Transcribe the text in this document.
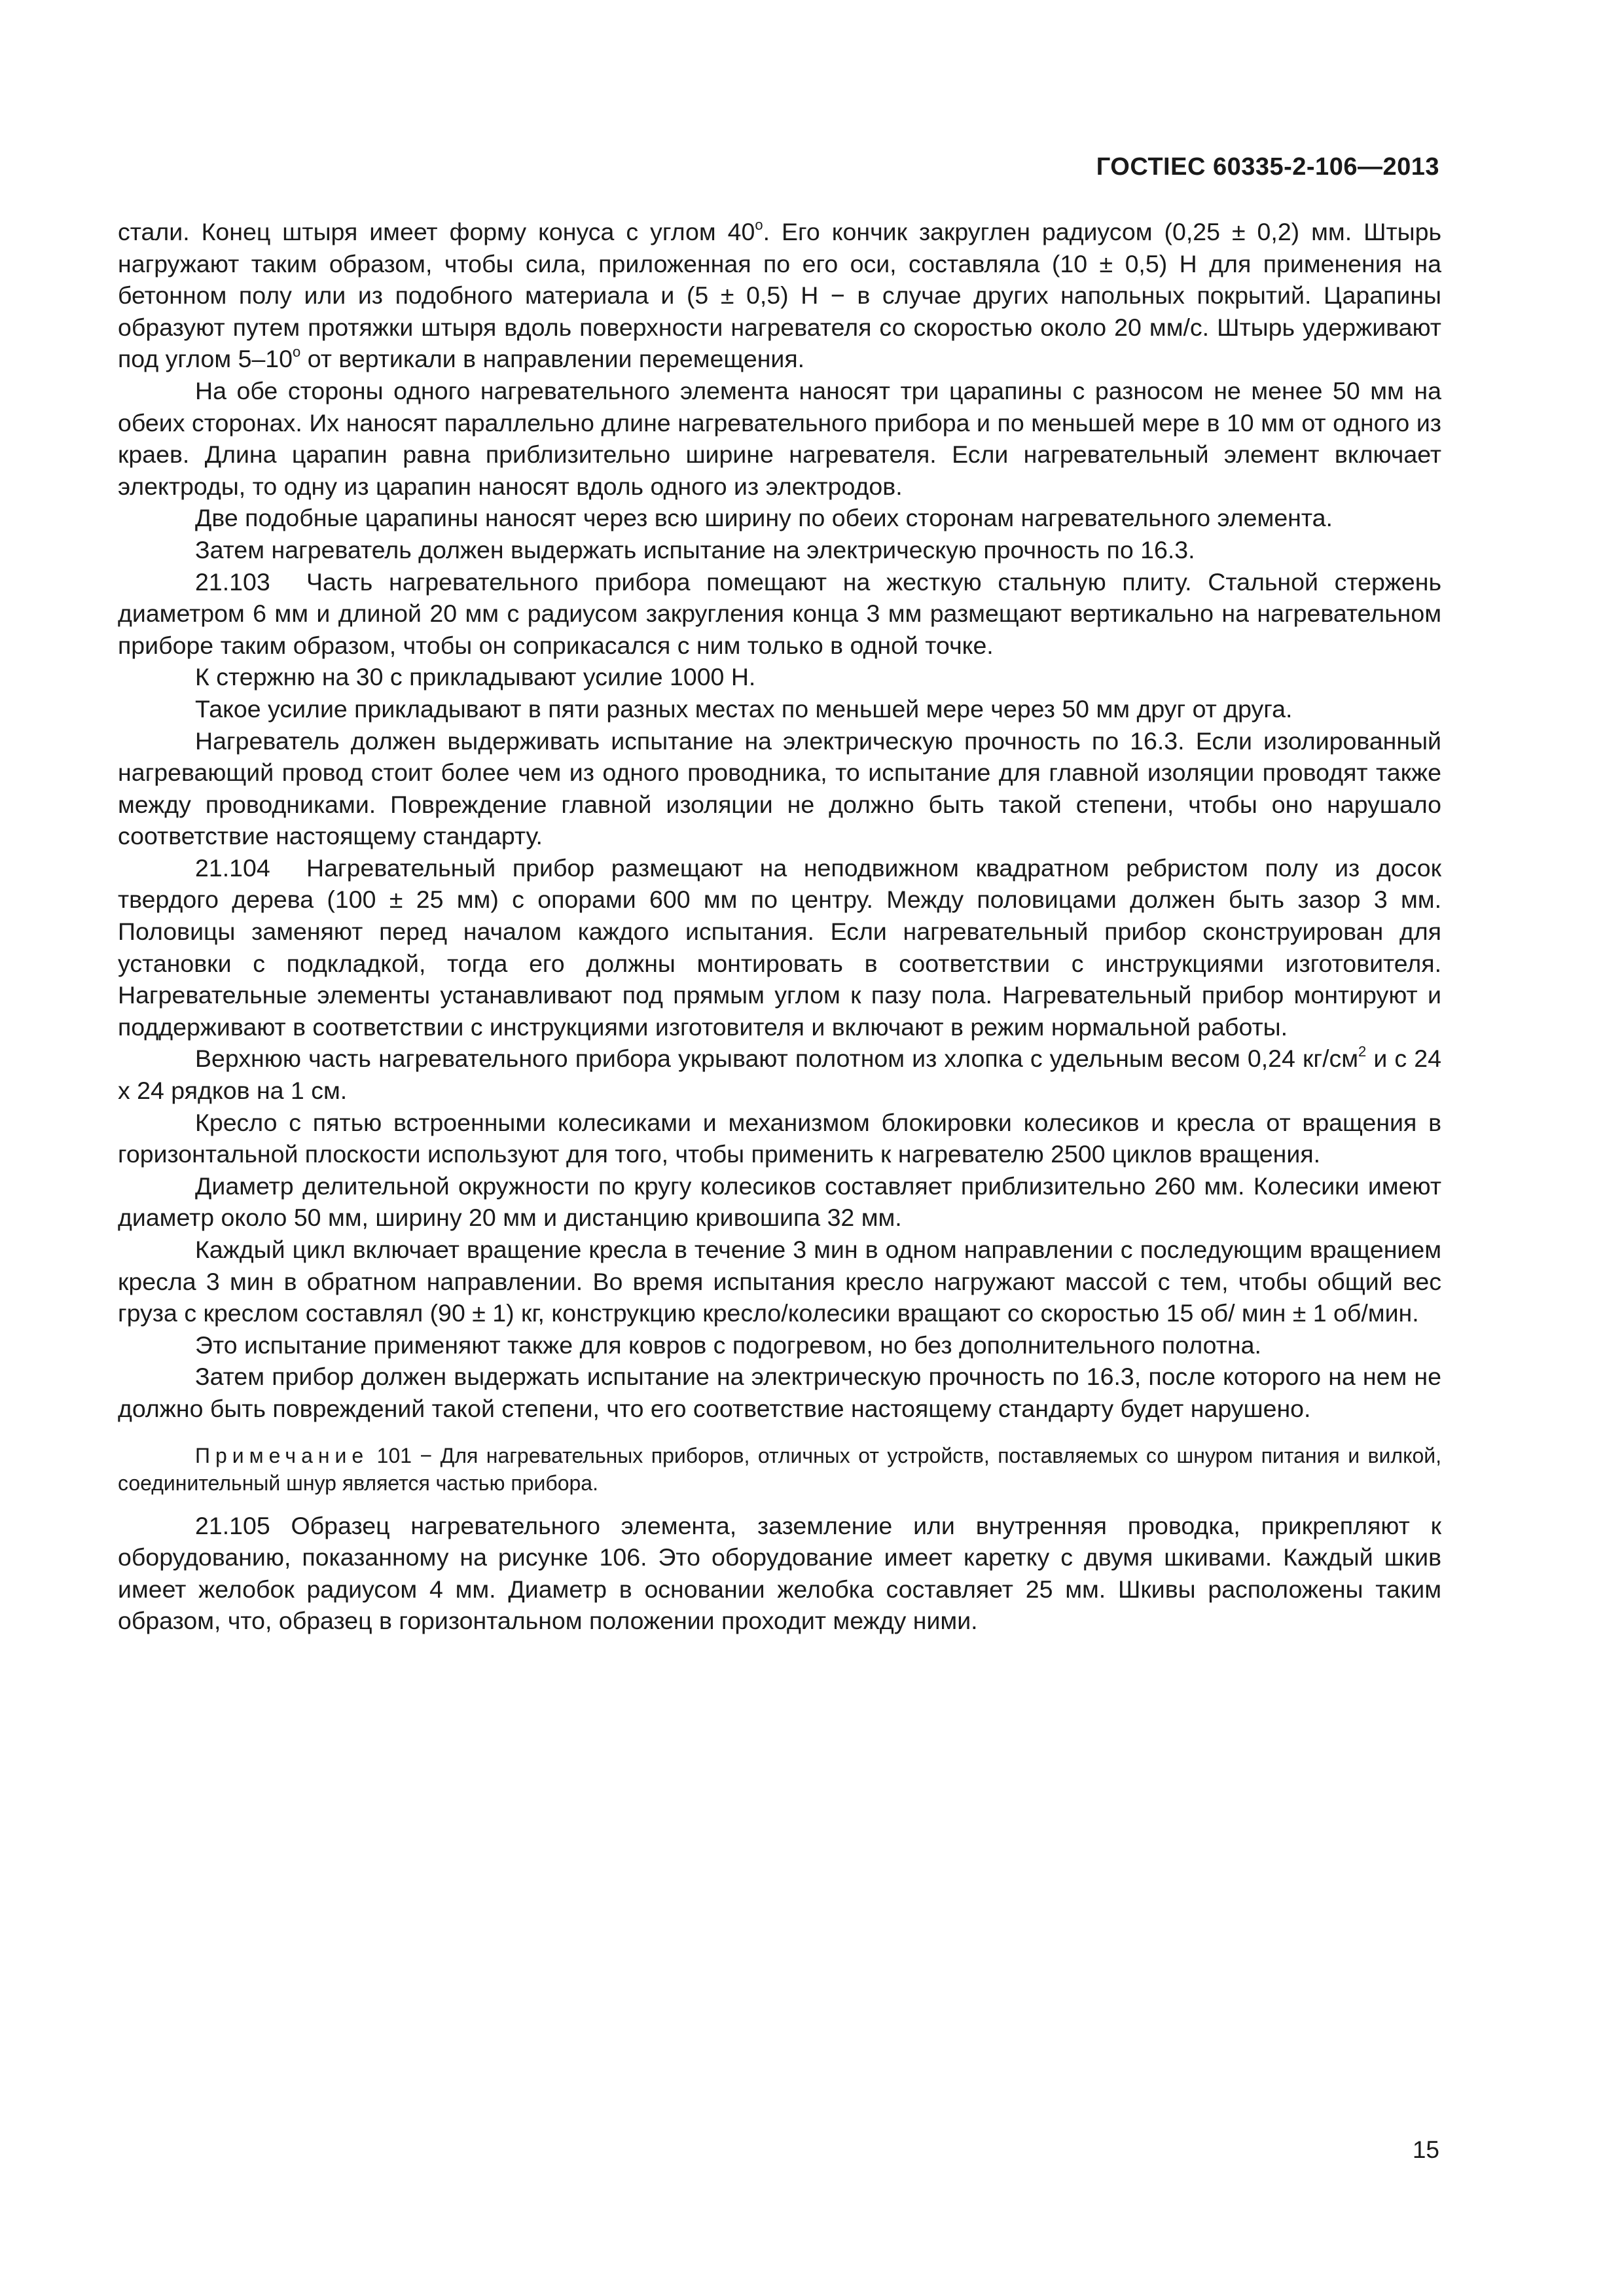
ГОСТIEC 60335-2-106—2013

стали. Конец штыря имеет форму конуса с углом $40^о$. Его кончик закруглен радиусом (0,25 ± 0,2) мм. Штырь нагружают таким образом, чтобы сила, приложенная по его оси, составляла (10 ± 0,5) Н для применения на бетонном полу или из подобного материала и (5 ± 0,5) Н − в случае других напольных покрытий. Царапины образуют путем протяжки штыря вдоль поверхности нагревателя со скоростью около 20 мм/с. Штырь удерживают под углом $5-10^о$ от вертикали в направлении перемещения.

На обе стороны одного нагревательного элемента наносят три царапины с разносом не менее 50 мм на обеих сторонах. Их наносят параллельно длине нагревательного прибора и по меньшей мере в 10 мм от одного из краев. Длина царапин равна приблизительно ширине нагревателя. Если нагревательный элемент включает электроды, то одну из царапин наносят вдоль одного из электродов.

Две подобные царапины наносят через всю ширину по обеих сторонам нагревательного элемента.

Затем нагреватель должен выдержать испытание на электрическую прочность по 16.3.

21.103 Часть нагревательного прибора помещают на жесткую стальную плиту. Стальной стержень диаметром 6 мм и длиной 20 мм с радиусом закругления конца 3 мм размещают вертикально на нагревательном приборе таким образом, чтобы он соприкасался с ним только в одной точке.

К стержню на 30 с прикладывают усилие 1000 Н.

Такое усилие прикладывают в пяти разных местах по меньшей мере через 50 мм друг от друга.

Нагреватель должен выдерживать испытание на электрическую прочность по 16.3. Если изолированный нагревающий провод стоит более чем из одного проводника, то испытание для главной изоляции проводят также между проводниками. Повреждение главной изоляции не должно быть такой степени, чтобы оно нарушало соответствие настоящему стандарту.

21.104 Нагревательный прибор размещают на неподвижном квадратном ребристом полу из досок твердого дерева (100 ± 25 мм) с опорами 600 мм по центру. Между половицами должен быть зазор 3 мм. Половицы заменяют перед началом каждого испытания. Если нагревательный прибор сконструирован для установки с подкладкой, тогда его должны монтировать в соответствии с инструкциями изготовителя. Нагревательные элементы устанавливают под прямым углом к пазу пола. Нагревательный прибор монтируют и поддерживают в соответствии с инструкциями изготовителя и включают в режим нормальной работы.

Верхнюю часть нагревательного прибора укрывают полотном из хлопка с удельным весом 0,24 $кг/см^2$ и с 24 х 24 рядков на 1 см.

Кресло с пятью встроенными колесиками и механизмом блокировки колесиков и кресла от вращения в горизонтальной плоскости используют для того, чтобы применить к нагревателю 2500 циклов вращения.

Диаметр делительной окружности по кругу колесиков составляет приблизительно 260 мм. Колесики имеют диаметр около 50 мм, ширину 20 мм и дистанцию кривошипа 32 мм.

Каждый цикл включает вращение кресла в течение 3 мин в одном направлении с последующим вращением кресла 3 мин в обратном направлении. Во время испытания кресло нагружают массой с тем, чтобы общий вес груза с креслом составлял (90 ± 1) кг, конструкцию кресло/колесики вращают со скоростью 15 об/ мин ± 1 об/мин.

Это испытание применяют также для ковров с подогревом, но без дополнительного полотна.

Затем прибор должен выдержать испытание на электрическую прочность по 16.3, после которого на нем не должно быть повреждений такой степени, что его соответствие настоящему стандарту будет нарушено.

Примечание 101 − Для нагревательных приборов, отличных от устройств, поставляемых со шнуром питания и вилкой, соединительный шнур является частью прибора.

21.105 Образец нагревательного элемента, заземление или внутренняя проводка, прикрепляют к оборудованию, показанному на рисунке 106. Это оборудование имеет каретку с двумя шкивами. Каждый шкив имеет желобок радиусом 4 мм. Диаметр в основании желобка составляет 25 мм. Шкивы расположены таким образом, что, образец в горизонтальном положении проходит между ними.

15
